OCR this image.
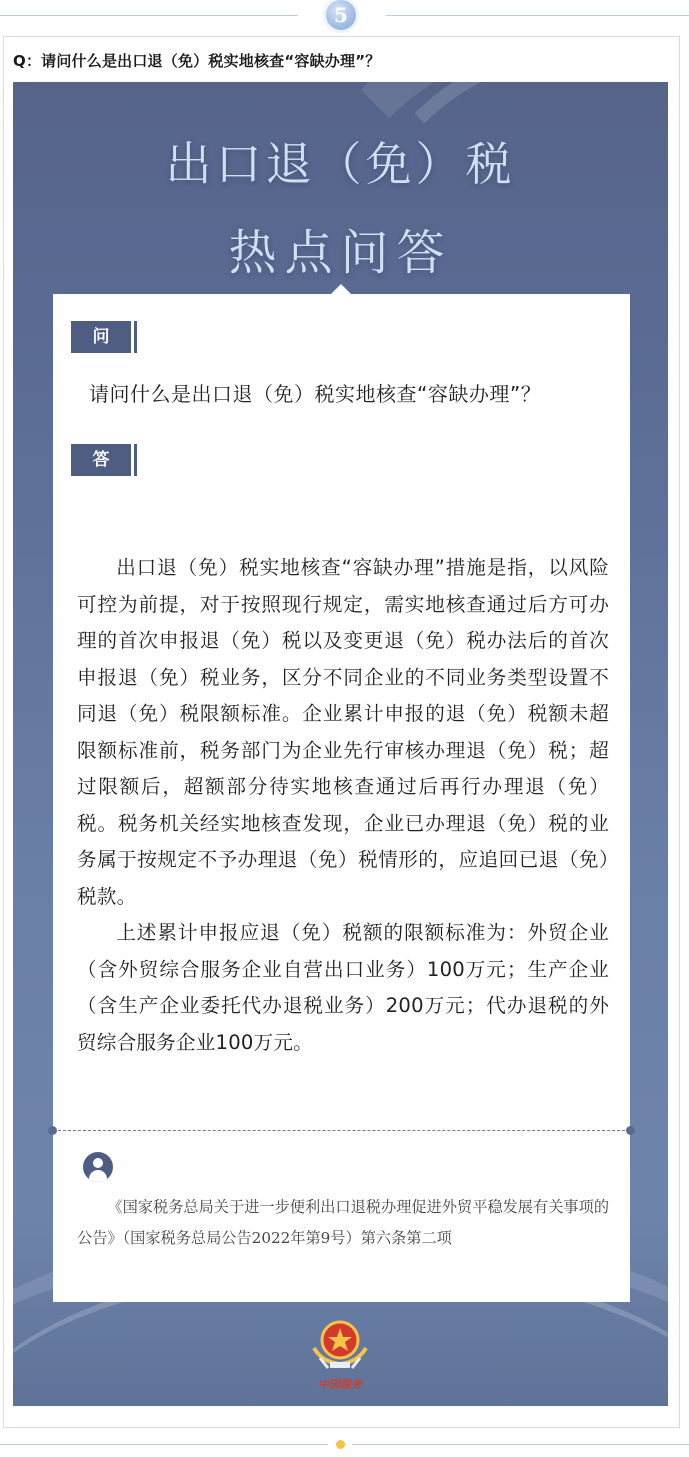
5
Q：请问什么是出口退（免）税实地核查“容缺办理”？
出口退（免）税
热点问答
问
请问什么是出口退（免）税实地核查“容缺办理”？
答

出口退（免）税实地核查“容缺办理”措施是指，以风险可控为前提，对于按照现行规定，需实地核查通过后方可办理的首次申报退（免）税以及变更退（免）税办法后的首次申报退（免）税业务，区分不同企业的不同业务类型设置不同退（免）税限额标准。企业累计申报的退（免）税额未超限额标准前，税务部门为企业先行审核办理退（免）税；超过限额后，超额部分待实地核查通过后再行办理退（免）税。税务机关经实地核查发现，企业已办理退（免）税的业务属于按规定不予办理退（免）税情形的，应追回已退（免）税款。

上述累计申报应退（免）税额的限额标准为：外贸企业（含外贸综合服务企业自营出口业务）100万元；生产企业（含生产企业委托代办退税业务）200万元；代办退税的外贸综合服务企业100万元。

《国家税务总局关于进一步便利出口退税办理促进外贸平稳发展有关事项的公告》（国家税务总局公告2022年第9号）第六条第二项
中国税务
